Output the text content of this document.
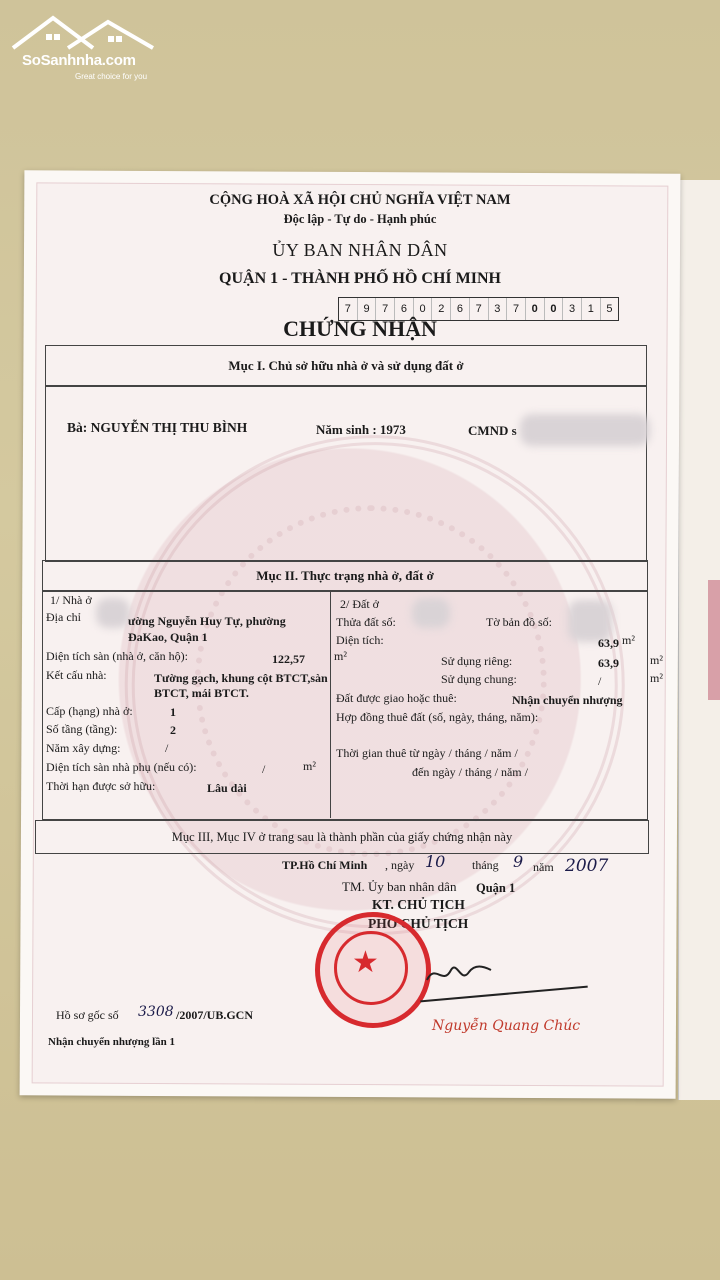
SoSanhnha.com
Great choice for you
CỘNG HOÀ XÃ HỘI CHỦ NGHĨA VIỆT NAM
Độc lập - Tự do - Hạnh phúc
ỦY BAN NHÂN DÂN
QUẬN 1 - THÀNH PHỐ HỒ CHÍ MINH
7	9	7	6	0	2	6	7	3	7	0	0	3	1	5
CHỨNG NHẬN
Mục I. Chủ sở hữu nhà ở và sử dụng đất ở
Bà: NGUYỄN THỊ THU BÌNH	Năm sinh : 1973	CMND s
Mục II. Thực trạng nhà ở, đất ở
1/ Nhà ở
Địa chỉ	ường Nguyễn Huy Tự, phường
ĐaKao, Quận 1
Diện tích sàn (nhà ở, căn hộ):	122,57 m²
Kết cấu nhà:	Tường gạch, khung cột BTCT,sàn
BTCT, mái BTCT.
Cấp (hạng) nhà ở:	1
Số tầng (tầng):	2
Năm xây dựng:	/
Diện tích sàn nhà phụ (nếu có):	/	m²
Thời hạn được sở hữu:	Lâu dài
2/ Đất ở
Thửa đất số:	Tờ bản đồ số:
Diện tích:	63,9 m²
Sử dụng riêng:	63,9	m²
Sử dụng chung:	/	m²
Đất được giao hoặc thuê:	Nhận chuyển nhượng
Hợp đồng thuê đất (số, ngày, tháng, năm):
Thời gian thuê từ ngày / tháng / năm /
đến ngày / tháng / năm /
Mục III, Mục IV ở trang sau là thành phần của giấy chứng nhận này
TP.Hồ Chí Minh , ngày 10 tháng 9 năm 2007
TM. Ủy ban nhân dân Quận 1
KT. CHỦ TỊCH
PHÓ CHỦ TỊCH
★
Nguyễn Quang Chúc
Hồ sơ gốc số 3308 /2007/UB.GCN
Nhận chuyển nhượng lần 1
